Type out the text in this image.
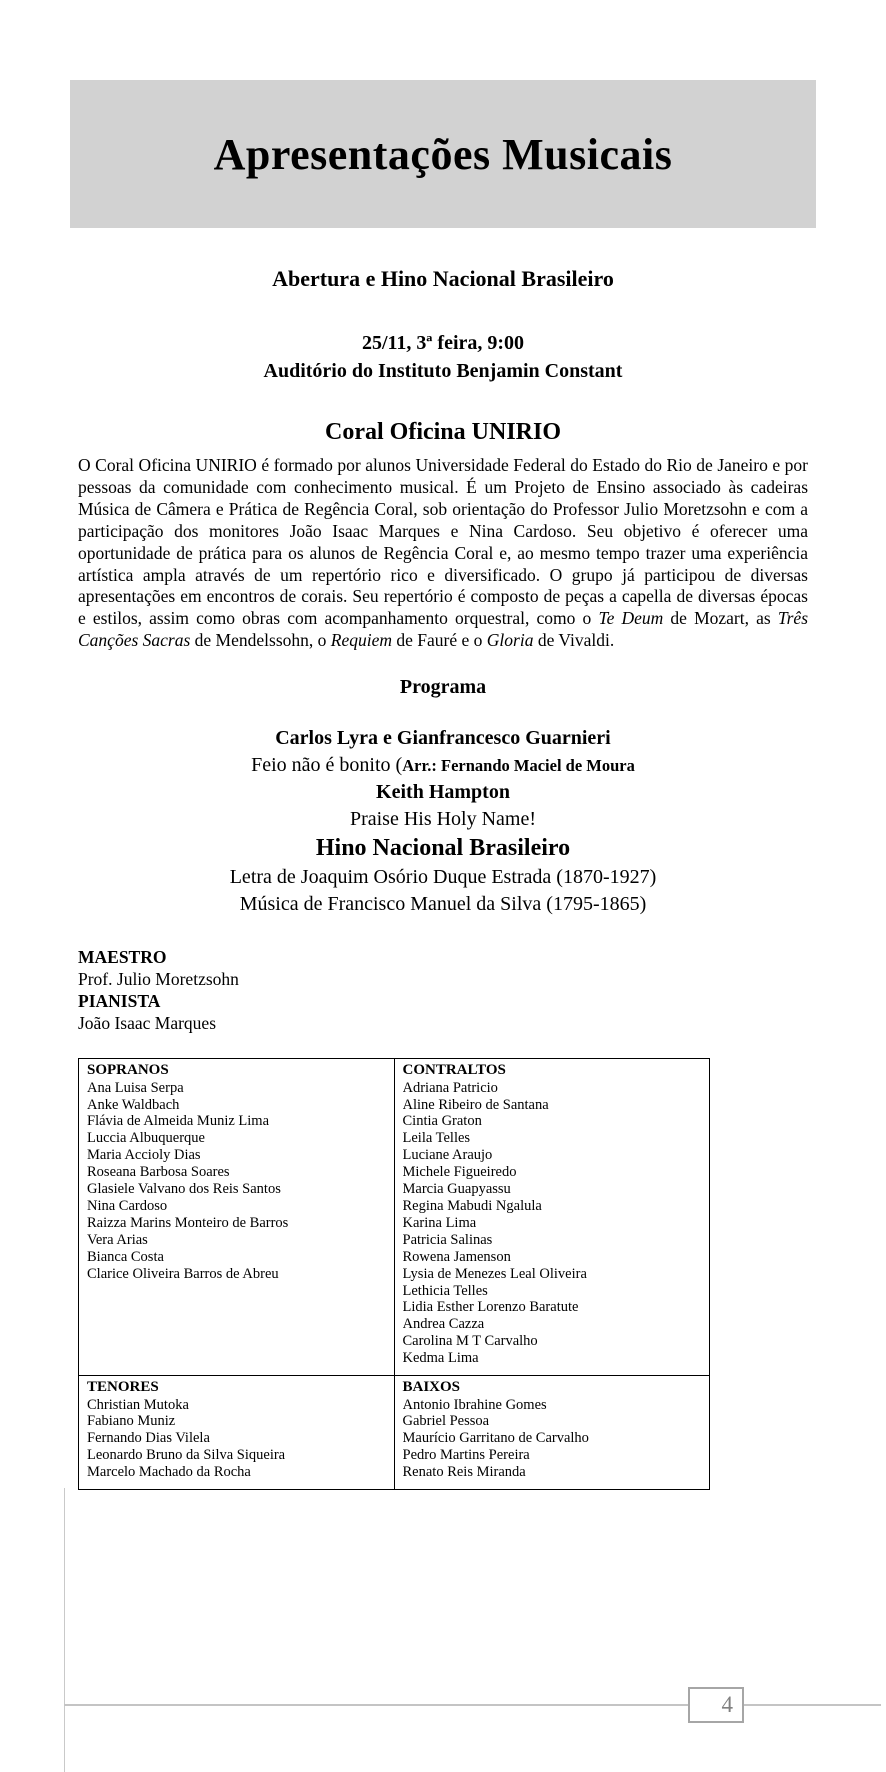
Apresentações Musicais
Abertura e Hino Nacional Brasileiro
25/11, 3ª feira, 9:00
Auditório do Instituto Benjamin Constant
Coral Oficina UNIRIO

O Coral Oficina UNIRIO é formado por alunos Universidade Federal do Estado do Rio de Janeiro e por pessoas da comunidade com conhecimento musical. É um Projeto de Ensino associado às cadeiras Música de Câmera e Prática de Regência Coral, sob orientação do Professor Julio Moretzsohn e com a participação dos monitores João Isaac Marques e Nina Cardoso. Seu objetivo é oferecer uma oportunidade de prática para os alunos de Regência Coral e, ao mesmo tempo trazer uma experiência artística ampla através de um repertório rico e diversificado. O grupo já participou de diversas apresentações em encontros de corais. Seu repertório é composto de peças a capella de diversas épocas e estilos, assim como obras com acompanhamento orquestral, como o Te Deum de Mozart, as Três Canções Sacras de Mendelssohn, o Requiem de Fauré e o Gloria de Vivaldi.

Programa
Carlos Lyra e Gianfrancesco Guarnieri
Feio não é bonito (Arr.: Fernando Maciel de Moura
Keith Hampton
Praise His Holy Name!
Hino Nacional Brasileiro
Letra de Joaquim Osório Duque Estrada (1870-1927)
Música de Francisco Manuel da Silva (1795-1865)
MAESTRO
Prof. Julio Moretzsohn
PIANISTA
João Isaac Marques
SOPRANOS
Ana Luisa Serpa
Anke Waldbach
Flávia de Almeida Muniz Lima
Luccia Albuquerque
Maria Accioly Dias
Roseana Barbosa Soares
Glasiele Valvano dos Reis Santos
Nina Cardoso
Raizza Marins Monteiro de Barros
Vera Arias
Bianca Costa
Clarice Oliveira Barros de Abreu

CONTRALTOS
Adriana Patricio
Aline Ribeiro de Santana
Cintia Graton
Leila Telles
Luciane Araujo
Michele Figueiredo
Marcia Guapyassu
Regina Mabudi Ngalula
Karina Lima
Patricia Salinas
Rowena Jamenson
Lysia de Menezes Leal Oliveira
Lethicia Telles
Lidia Esther Lorenzo Baratute
Andrea Cazza
Carolina M T Carvalho
Kedma Lima

TENORES
Christian Mutoka
Fabiano Muniz
Fernando Dias Vilela
Leonardo Bruno da Silva Siqueira
Marcelo Machado da Rocha

BAIXOS
Antonio Ibrahine Gomes
Gabriel Pessoa
Maurício Garritano de Carvalho
Pedro Martins Pereira
Renato Reis Miranda
4
